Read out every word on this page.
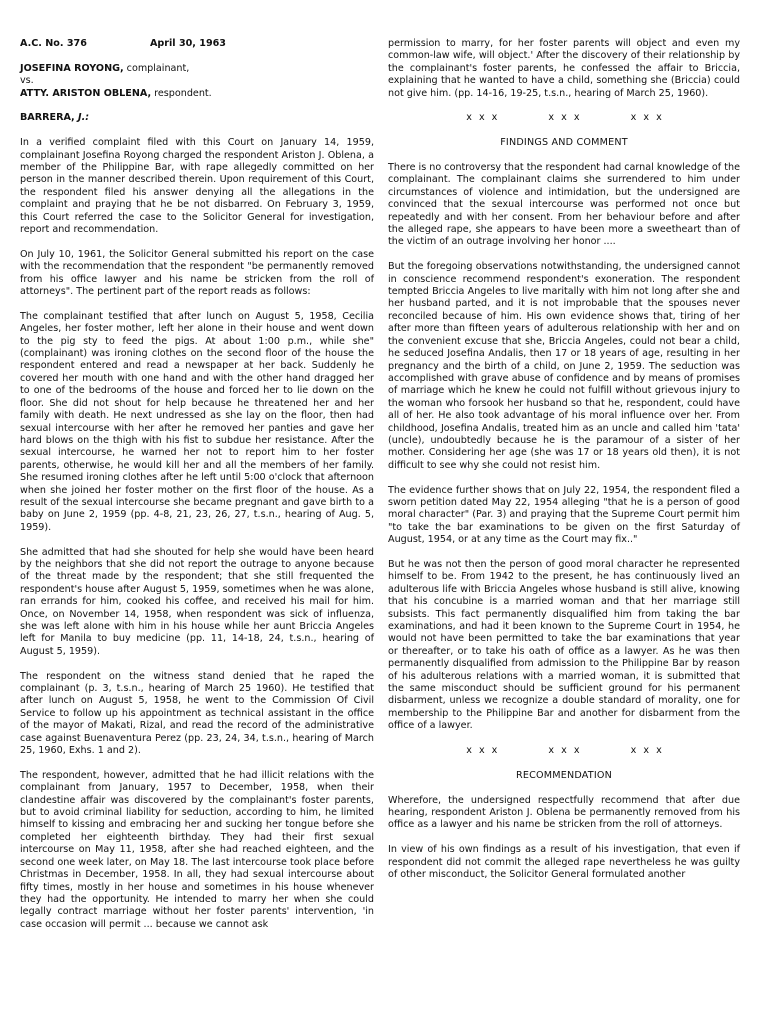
A.C. No. 376	April 30, 1963
JOSEFINA ROYONG, complainant,
vs.
ATTY. ARISTON OBLENA, respondent.
BARRERA, J.:

In a verified complaint filed with this Court on January 14, 1959, complainant Josefina Royong charged the respondent Ariston J. Oblena, a member of the Philippine Bar, with rape allegedly committed on her person in the manner described therein. Upon requirement of this Court, the respondent filed his answer denying all the allegations in the complaint and praying that he be not disbarred. On February 3, 1959, this Court referred the case to the Solicitor General for investigation, report and recommendation.

On July 10, 1961, the Solicitor General submitted his report on the case with the recommendation that the respondent "be permanently removed from his office lawyer and his name be stricken from the roll of attorneys". The pertinent part of the report reads as follows:

The complainant testified that after lunch on August 5, 1958, Cecilia Angeles, her foster mother, left her alone in their house and went down to the pig sty to feed the pigs. At about 1:00 p.m., while she" (complainant) was ironing clothes on the second floor of the house the respondent entered and read a newspaper at her back. Suddenly he covered her mouth with one hand and with the other hand dragged her to one of the bedrooms of the house and forced her to lie down on the floor. She did not shout for help because he threatened her and her family with death. He next undressed as she lay on the floor, then had sexual intercourse with her after he removed her panties and gave her hard blows on the thigh with his fist to subdue her resistance. After the sexual intercourse, he warned her not to report him to her foster parents, otherwise, he would kill her and all the members of her family. She resumed ironing clothes after he left until 5:00 o'clock that afternoon when she joined her foster mother on the first floor of the house. As a result of the sexual intercourse she became pregnant and gave birth to a baby on June 2, 1959 (pp. 4-8, 21, 23, 26, 27, t.s.n., hearing of Aug. 5, 1959).

She admitted that had she shouted for help she would have been heard by the neighbors that she did not report the outrage to anyone because of the threat made by the respondent; that she still frequented the respondent's house after August 5, 1959, sometimes when he was alone, ran errands for him, cooked his coffee, and received his mail for him. Once, on November 14, 1958, when respondent was sick of influenza, she was left alone with him in his house while her aunt Briccia Angeles left for Manila to buy medicine (pp. 11, 14-18, 24, t.s.n., hearing of August 5, 1959).

The respondent on the witness stand denied that he raped the complainant (p. 3, t.s.n., hearing of March 25 1960). He testified that after lunch on August 5, 1958, he went to the Commission Of Civil Service to follow up his appointment as technical assistant in the office of the mayor of Makati, Rizal, and read the record of the administrative case against Buenaventura Perez (pp. 23, 24, 34, t.s.n., hearing of March 25, 1960, Exhs. 1 and 2).

The respondent, however, admitted that he had illicit relations with the complainant from January, 1957 to December, 1958, when their clandestine affair was discovered by the complainant's foster parents, but to avoid criminal liability for seduction, according to him, he limited himself to kissing and embracing her and sucking her tongue before she completed her eighteenth birthday. They had their first sexual intercourse on May 11, 1958, after she had reached eighteen, and the second one week later, on May 18. The last intercourse took place before Christmas in December, 1958. In all, they had sexual intercourse about fifty times, mostly in her house and sometimes in his house whenever they had the opportunity. He intended to marry her when she could legally contract marriage without her foster parents' intervention, 'in case occasion will permit ... because we cannot ask

permission to marry, for her foster parents will object and even my common-law wife, will object.' After the discovery of their relationship by the complainant's foster parents, he confessed the affair to Briccia, explaining that he wanted to have a child, something she (Briccia) could not give him. (pp. 14-16, 19-25, t.s.n., hearing of March 25, 1960).

x x x	x x x	x x x

FINDINGS AND COMMENT

There is no controversy that the respondent had carnal knowledge of the complainant. The complainant claims she surrendered to him under circumstances of violence and intimidation, but the undersigned are convinced that the sexual intercourse was performed not once but repeatedly and with her consent. From her behaviour before and after the alleged rape, she appears to have been more a sweetheart than of the victim of an outrage involving her honor ....

But the foregoing observations notwithstanding, the undersigned cannot in conscience recommend respondent's exoneration. The respondent tempted Briccia Angeles to live maritally with him not long after she and her husband parted, and it is not improbable that the spouses never reconciled because of him. His own evidence shows that, tiring of her after more than fifteen years of adulterous relationship with her and on the convenient excuse that she, Briccia Angeles, could not bear a child, he seduced Josefina Andalis, then 17 or 18 years of age, resulting in her pregnancy and the birth of a child, on June 2, 1959. The seduction was accomplished with grave abuse of confidence and by means of promises of marriage which he knew he could not fulfill without grievous injury to the woman who forsook her husband so that he, respondent, could have all of her. He also took advantage of his moral influence over her. From childhood, Josefina Andalis, treated him as an uncle and called him 'tata' (uncle), undoubtedly because he is the paramour of a sister of her mother. Considering her age (she was 17 or 18 years old then), it is not difficult to see why she could not resist him.

The evidence further shows that on July 22, 1954, the respondent filed a sworn petition dated May 22, 1954 alleging "that he is a person of good moral character" (Par. 3) and praying that the Supreme Court permit him "to take the bar examinations to be given on the first Saturday of August, 1954, or at any time as the Court may fix.."

But he was not then the person of good moral character he represented himself to be. From 1942 to the present, he has continuously lived an adulterous life with Briccia Angeles whose husband is still alive, knowing that his concubine is a married woman and that her marriage still subsists. This fact permanently disqualified him from taking the bar examinations, and had it been known to the Supreme Court in 1954, he would not have been permitted to take the bar examinations that year or thereafter, or to take his oath of office as a lawyer. As he was then permanently disqualified from admission to the Philippine Bar by reason of his adulterous relations with a married woman, it is submitted that the same misconduct should be sufficient ground for his permanent disbarment, unless we recognize a double standard of morality, one for membership to the Philippine Bar and another for disbarment from the office of a lawyer.

x x x	x x x	x x x

RECOMMENDATION

Wherefore, the undersigned respectfully recommend that after due hearing, respondent Ariston J. Oblena be permanently removed from his office as a lawyer and his name be stricken from the roll of attorneys.

In view of his own findings as a result of his investigation, that even if respondent did not commit the alleged rape nevertheless he was guilty of other misconduct, the Solicitor General formulated another
